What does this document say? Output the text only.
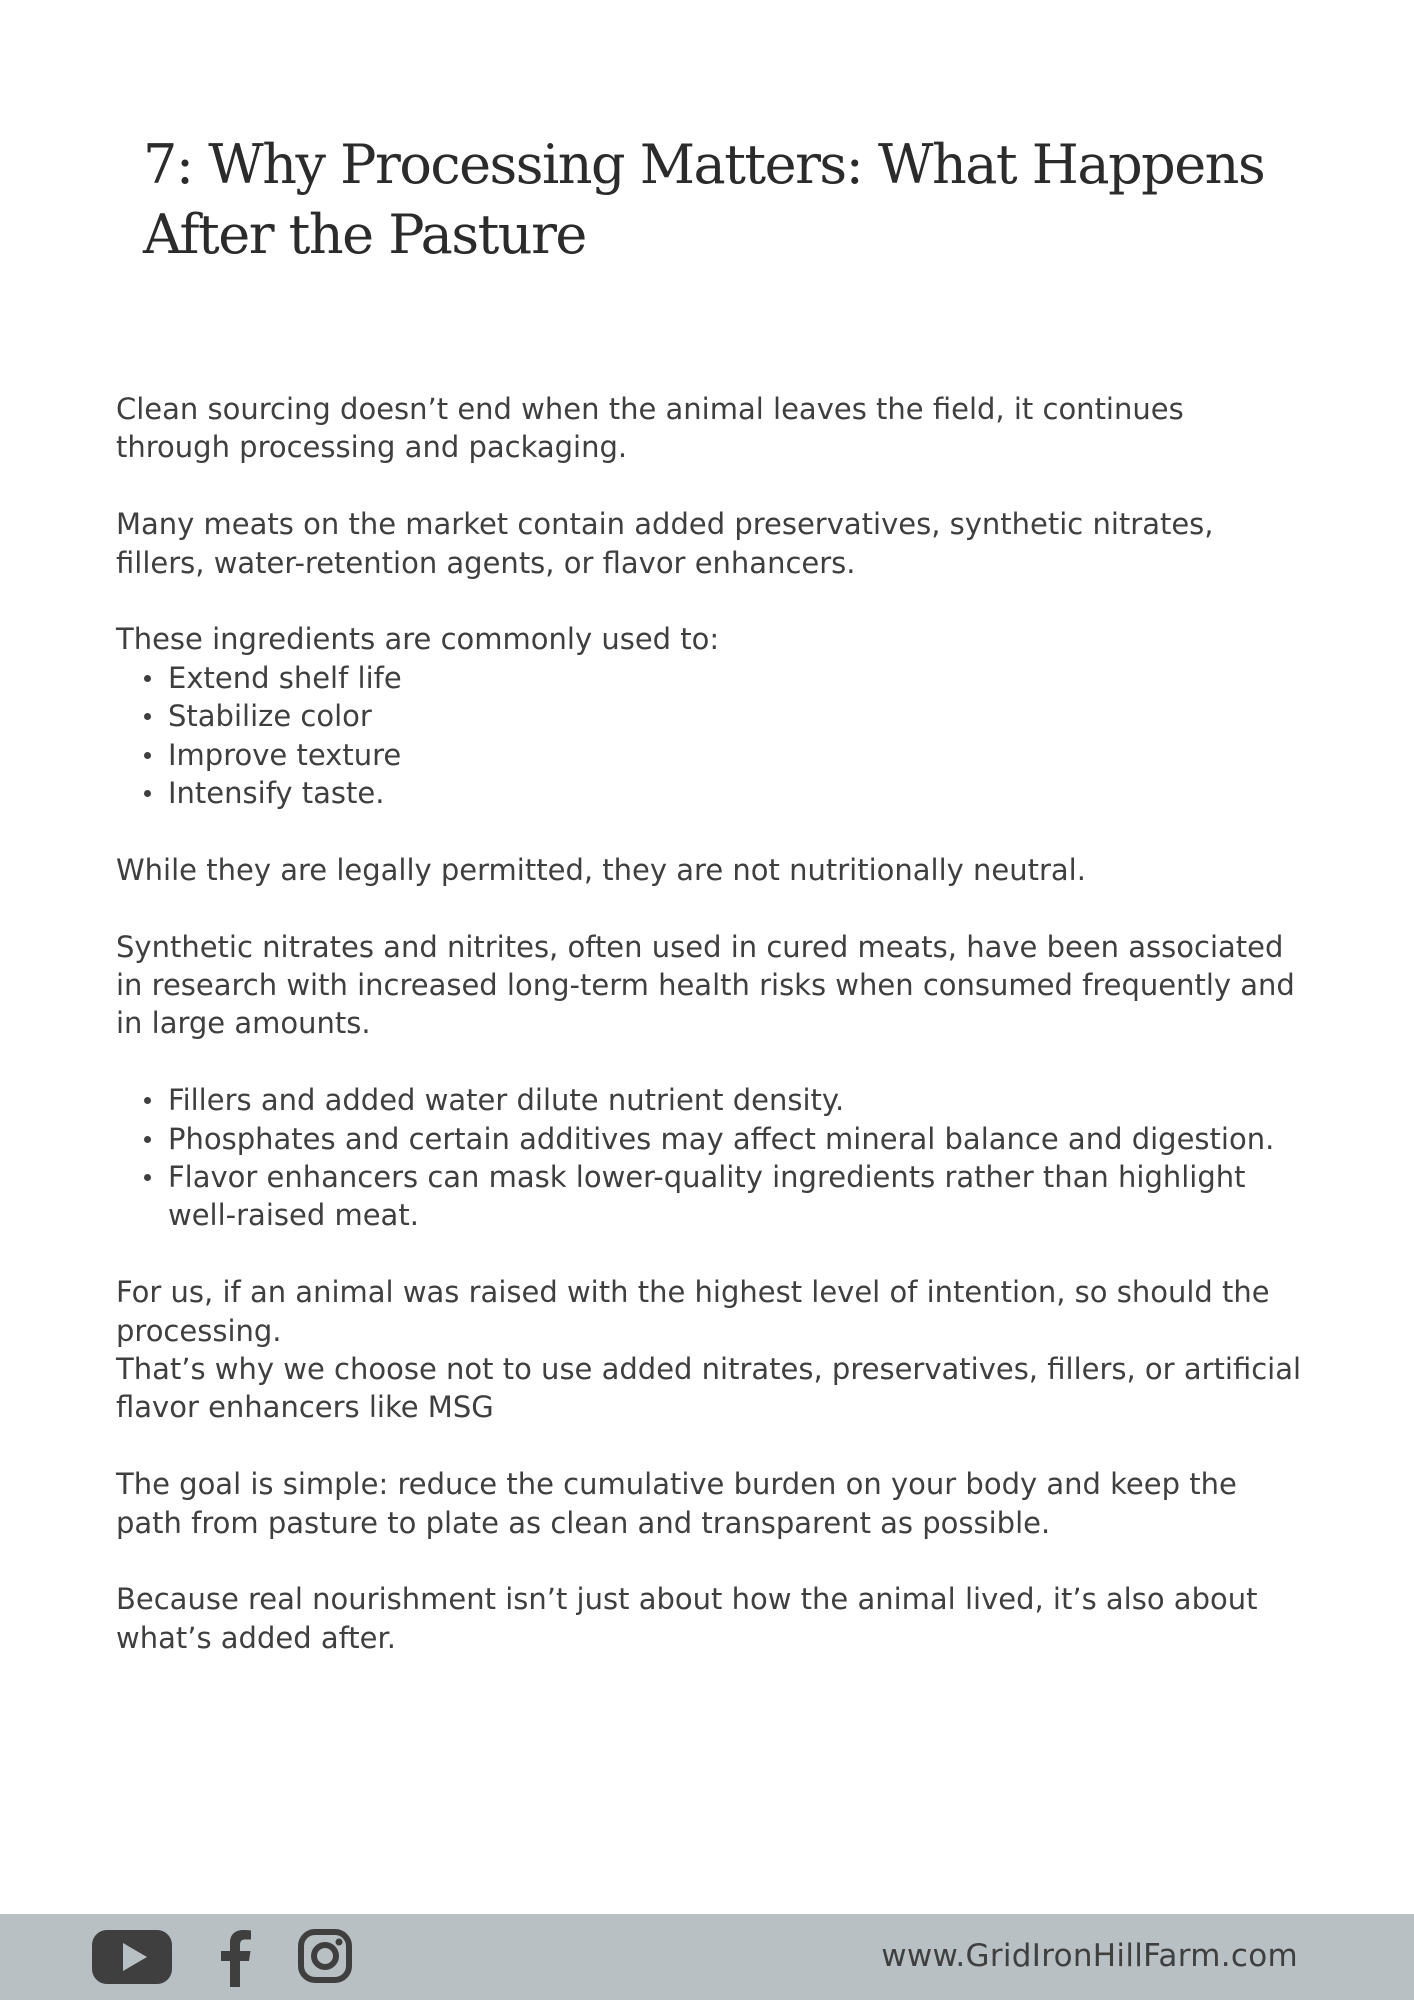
7: Why Processing Matters: What Happens After the Pasture

Clean sourcing doesn’t end when the animal leaves the field, it continues through processing and packaging.

Many meats on the market contain added preservatives, synthetic nitrates, fillers, water-retention agents, or flavor enhancers.

These ingredients are commonly used to:

Extend shelf life
Stabilize color
Improve texture
Intensify taste.

While they are legally permitted, they are not nutritionally neutral.

Synthetic nitrates and nitrites, often used in cured meats, have been associated in research with increased long-term health risks when consumed frequently and in large amounts.

Fillers and added water dilute nutrient density.
Phosphates and certain additives may affect mineral balance and digestion.
Flavor enhancers can mask lower-quality ingredients rather than highlight well-raised meat.

For us, if an animal was raised with the highest level of intention, so should the processing.

That’s why we choose not to use added nitrates, preservatives, fillers, or artificial flavor enhancers like MSG

The goal is simple: reduce the cumulative burden on your body and keep the path from pasture to plate as clean and transparent as possible.

Because real nourishment isn’t just about how the animal lived, it’s also about what’s added after.

www.GridIronHillFarm.com
